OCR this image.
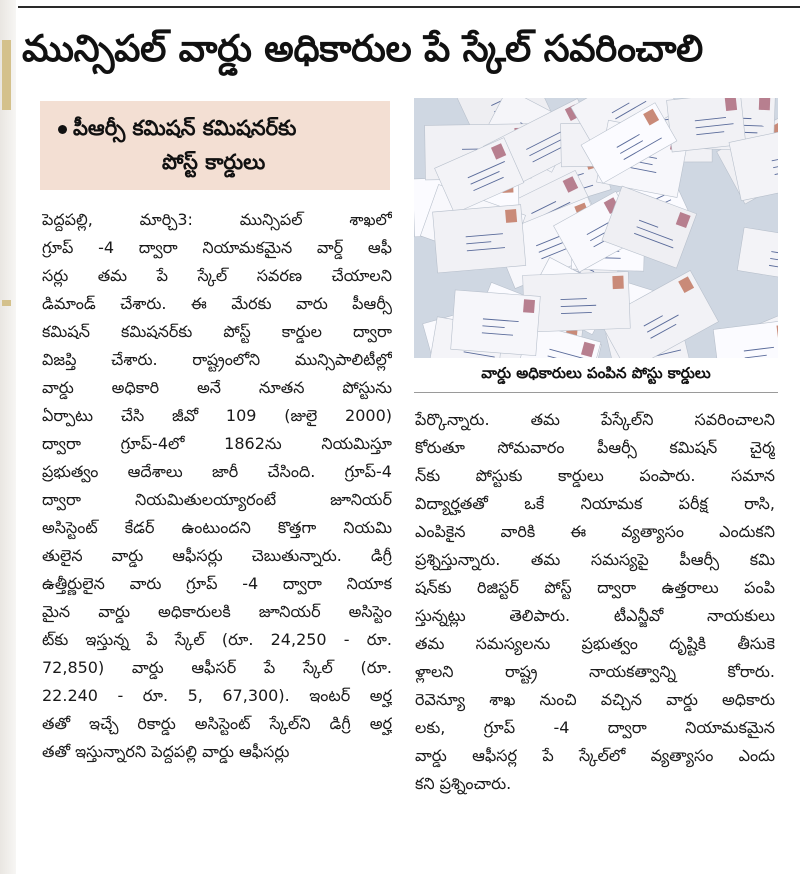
మున్సిపల్ వార్డు అధికారుల పే స్కేల్ సవరించాలి
పీఆర్సీ కమిషన్ కమిషనర్‌కు
పోస్ట్ కార్డులు
వార్డు అధికారులు పంపిన పోస్టు కార్డులు
పెద్దపల్లి, మార్చి3: మున్సిపల్ శాఖలో
గ్రూప్ -4 ద్వారా నియామకమైన వార్డ్ ఆఫీ
సర్లు తమ పే స్కేల్ సవరణ చేయాలని
డిమాండ్ చేశారు. ఈ మేరకు వారు పీఆర్సీ
కమిషన్ కమిషనర్‌కు పోస్ట్ కార్డుల ద్వారా
విజప్తి చేశారు. రాష్ట్రంలోని మున్సిపాలిటీల్లో
వార్డు అధికారి అనే నూతన పోస్టును
ఏర్పాటు చేసి జీవో 109 (జులై 2000)
ద్వారా గ్రూప్-4లో 1862ను నియమిస్తూ
ప్రభుత్వం ఆదేశాలు జారీ చేసింది. గ్రూప్-4
ద్వారా నియమితులయ్యారంటే జూనియర్
అసిస్టెంట్ కేడర్ ఉంటుందని కొత్తగా నియమి
తులైన వార్డు ఆఫీసర్లు చెబుతున్నారు. డిగ్రీ
ఉత్తీర్ణులైన వారు గ్రూప్ -4 ద్వారా నియాక
మైన వార్డు అధికారులకి జూనియర్ అసిస్టెం
ట్‌కు ఇస్తున్న పే స్కేల్ (రూ. 24,250 - రూ.
72,850) వార్డు ఆఫీసర్ పే స్కేల్ (రూ.
22.240 - రూ. 5, 67,300). ఇంటర్ అర్హ
తతో ఇచ్చే రికార్డు అసిస్టెంట్ స్కేల్‌ని డిగ్రీ అర్హ
తతో ఇస్తున్నారని పెద్దపల్లి వార్డు ఆఫీసర్లు
పేర్కొన్నారు. తమ పేస్కేల్‌ని సవరించాలని
కోరుతూ సోమవారం పీఆర్సీ కమిషన్ చైర్మ
న్‌కు పోస్టుకు కార్డులు పంపారు. సమాన
విద్యార్హతతో ఒకే నియామక పరీక్ష రాసి,
ఎంపికైన వారికి ఈ వ్యత్యాసం ఎందుకని
ప్రశ్నిస్తున్నారు. తమ సమస్యపై పీఆర్సీ కమి
షన్‌కు రిజిస్టర్ పోస్ట్ ద్వారా ఉత్తరాలు పంపి
స్తున్నట్లు తెలిపారు. టీఎన్జీవో నాయకులు
తమ సమస్యలను ప్రభుత్వం దృష్టికి తీసుకె
ళ్లాలని రాష్ట్ర నాయకత్వాన్ని కోరారు.
రెవెన్యూ శాఖ నుంచి వచ్చిన వార్డు అధికారు
లకు, గ్రూప్ -4 ద్వారా నియామకమైన
వార్డు ఆఫీసర్ల పే స్కేల్‌లో వ్యత్యాసం ఎందు
కని ప్రశ్నించారు.
